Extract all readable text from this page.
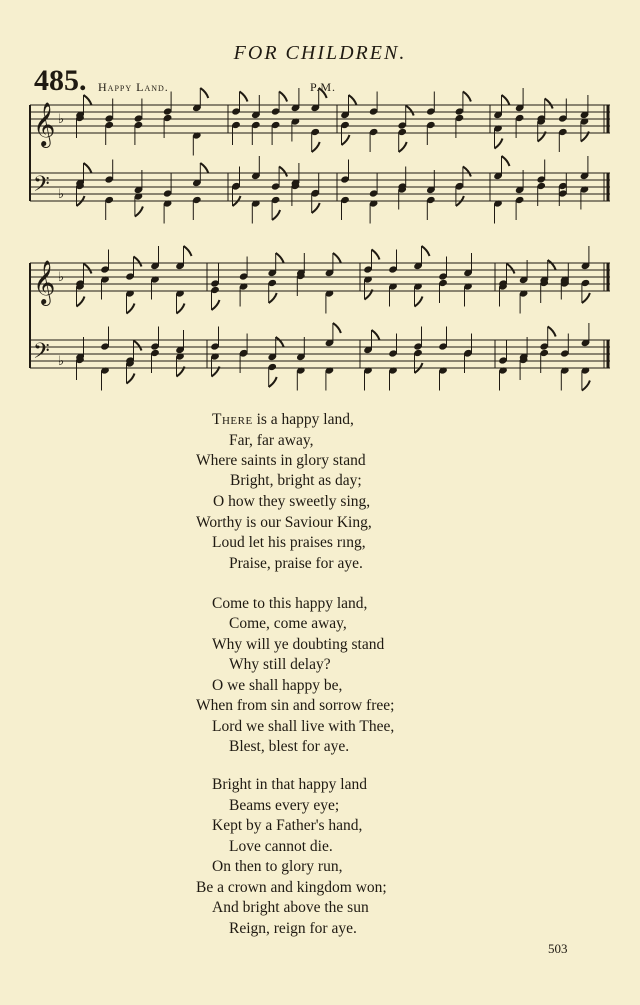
FOR CHILDREN.
485. Happy Land.	P.M.
𝄞
𝄢
♭
♭
𝄞
𝄢
♭
♭
There is a happy land,
Far, far away,
Where saints in glory stand
Bright, bright as day;
O how they sweetly sing,
Worthy is our Saviour King,
Loud let his praises rıng,
Praise, praise for aye.
Come to this happy land,
Come, come away,
Why will ye doubting stand
Why still delay?
O we shall happy be,
When from sin and sorrow free;
Lord we shall live with Thee,
Blest, blest for aye.
Bright in that happy land
Beams every eye;
Kept by a Father's hand,
Love cannot die.
On then to glory run,
Be a crown and kingdom won;
And bright above the sun
Reign, reign for aye.
503
